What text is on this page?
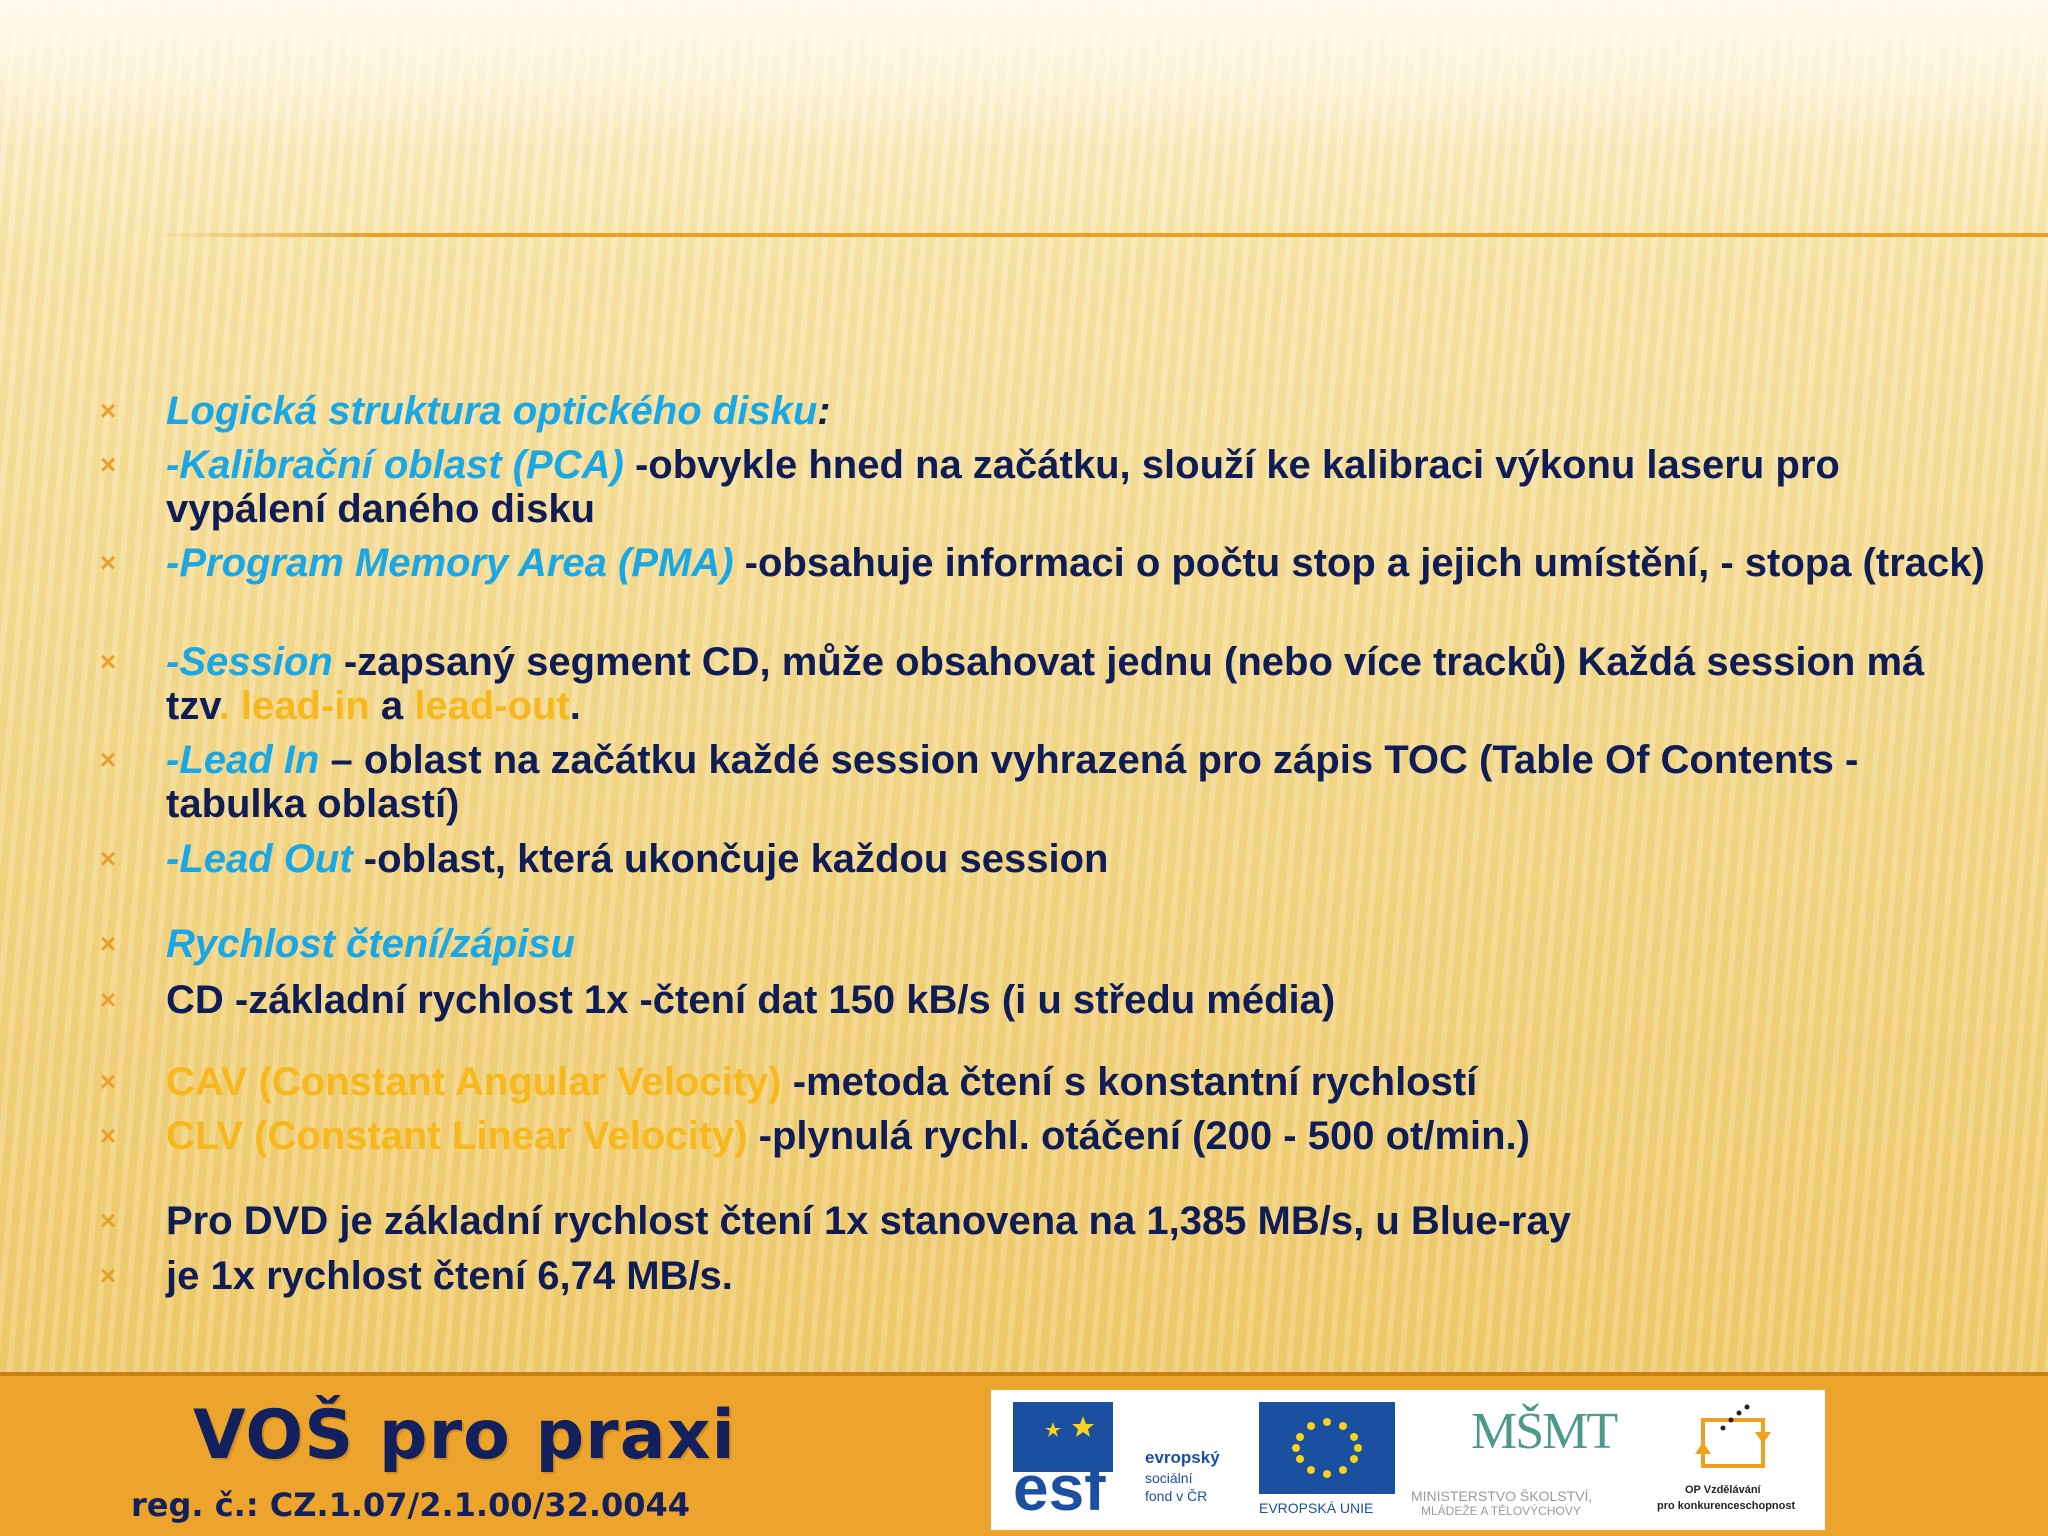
× Logická struktura optického disku:
× -Kalibrační oblast (PCA) -obvykle hned na začátku, slouží ke kalibraci výkonu laseru pro vypálení daného disku
× -Program Memory Area (PMA) -obsahuje informaci o počtu stop a jejich umístění, - stopa (track)
× -Session -zapsaný segment CD, může obsahovat jednu (nebo více tracků) Každá session má tzv. lead-in a lead-out.
× -Lead In – oblast na začátku každé session vyhrazená pro zápis TOC (Table Of Contents -tabulka oblastí)
× -Lead Out -oblast, která ukončuje každou session
× Rychlost čtení/zápisu
× CD -základní rychlost 1x -čtení dat 150 kB/s (i u středu média)
× CAV (Constant Angular Velocity) -metoda čtení s konstantní rychlostí
× CLV (Constant Linear Velocity) -plynulá rychl. otáčení (200 - 500 ot/min.)
× Pro DVD je základní rychlost čtení 1x stanovena na 1,385 MB/s, u Blue-ray
× je 1x rychlost čtení 6,74 MB/s.
VOŠ pro praxi
reg. č.: CZ.1.07/2.1.00/32.0044	esf evropský
sociální
fond v ČR
EVROPSKÁ UNIE
MŠMT
MINISTERSTVO ŠKOLSTVÍ,
MLÁDEŽE A TĚLOVÝCHOVY
OP Vzdělávání
pro konkurenceschopnost
